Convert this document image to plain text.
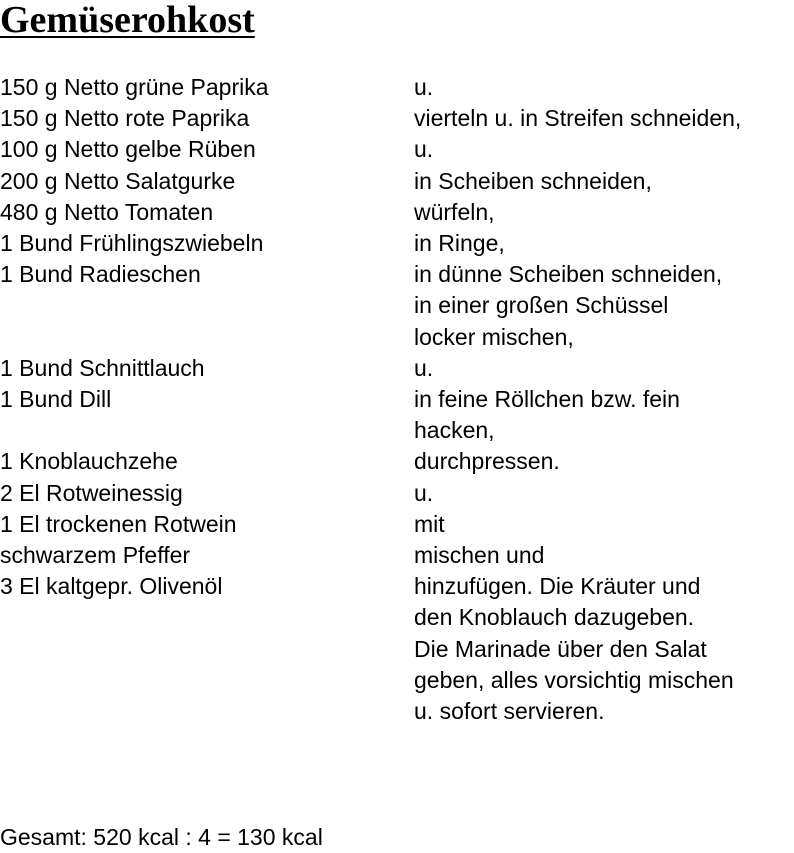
Gemüserohkost
150 g Netto grüne Paprika	u.
150 g Netto rote Paprika	vierteln u. in Streifen schneiden,
100 g Netto gelbe Rüben	u.
200 g Netto Salatgurke	in Scheiben schneiden,
480 g Netto Tomaten	würfeln,
1 Bund Frühlingszwiebeln	in Ringe,
1 Bund Radieschen	in dünne Scheiben schneiden,
in einer großen Schüssel
locker mischen,
1 Bund Schnittlauch	u.
1 Bund Dill	in feine Röllchen bzw. fein
hacken,
1 Knoblauchzehe	durchpressen.
2 El Rotweinessig	u.
1 El trockenen Rotwein	mit
schwarzem Pfeffer	mischen und
3 El kaltgepr. Olivenöl	hinzufügen. Die Kräuter und
den Knoblauch dazugeben.
Die Marinade über den Salat
geben, alles vorsichtig mischen
u. sofort servieren.
Gesamt: 520 kcal : 4 = 130 kcal
